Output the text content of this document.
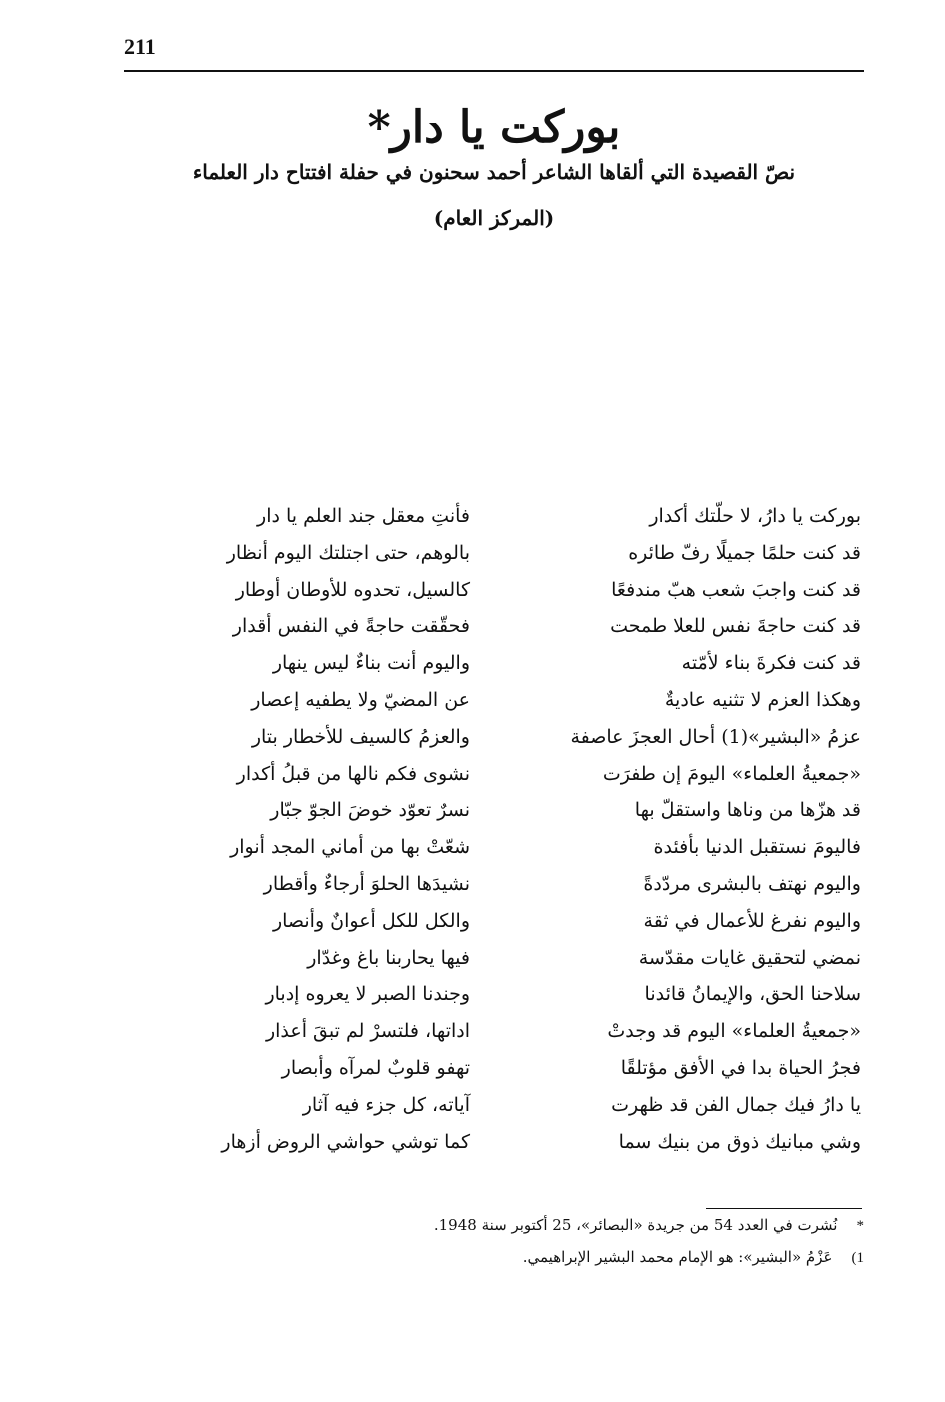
211
بوركت يا دار*
نصّ القصيدة التي ألقاها الشاعر أحمد سحنون في حفلة افتتاح دار العلماء
(المركز العام)
بوركت يا دارُ، لا حلّتك أكدار
فأنتِ معقل جند العلم يا دار
قد كنت حلمًا جميلًا رفّ طائره
بالوهم، حتى اجتلتك اليوم أنظار
قد كنت واجبَ شعب هبّ مندفعًا
كالسيل، تحدوه للأوطان أوطار
قد كنت حاجةَ نفس للعلا طمحت
فحقّقت حاجةً في النفس أقدار
قد كنت فكرةَ بناء لأمّته
واليوم أنت بناءٌ ليس ينهار
وهكذا العزم لا تثنيه عاديةٌ
عن المضيّ ولا يطفيه إعصار
عزمُ «البشير»(1) أحال العجزَ عاصفة
والعزمُ كالسيف للأخطار بتار
«جمعيةُ العلماء» اليومَ إن طفرَت
نشوى فكم نالها من قبلُ أكدار
قد هزّها من وناها واستقلّ بها
نسرٌ تعوّد خوضَ الجوّ جبّار
فاليومَ نستقبل الدنيا بأفئدة
شعّتْ بها من أماني المجد أنوار
واليوم نهتف بالبشرى مردّدةً
نشيدَها الحلوَ أرجاءٌ وأقطار
واليوم نفرغ للأعمال في ثقة
والكل للكل أعوانٌ وأنصار
نمضي لتحقيق غايات مقدّسة
فيها يحاربنا باغ وغدّار
سلاحنا الحق، والإيمانُ قائدنا
وجندنا الصبر لا يعروه إدبار
«جمعيةُ العلماء» اليوم قد وجدتْ
اداتها، فلتسرْ لم تبقَ أعذار
فجرُ الحياة بدا في الأفق مؤتلقًا
تهفو قلوبٌ لمرآه وأبصار
يا دارُ فيك جمال الفن قد ظهرت
آياته، كل جزء فيه آثار
وشي مبانيك ذوق من بنيك سما
كما توشي حواشي الروض أزهار
*    نُشرت في العدد 54 من جريدة «البصائر»، 25 أكتوبر سنة 1948.
1)    عَزْمُ «البشير»: هو الإمام محمد البشير الإبراهيمي.
